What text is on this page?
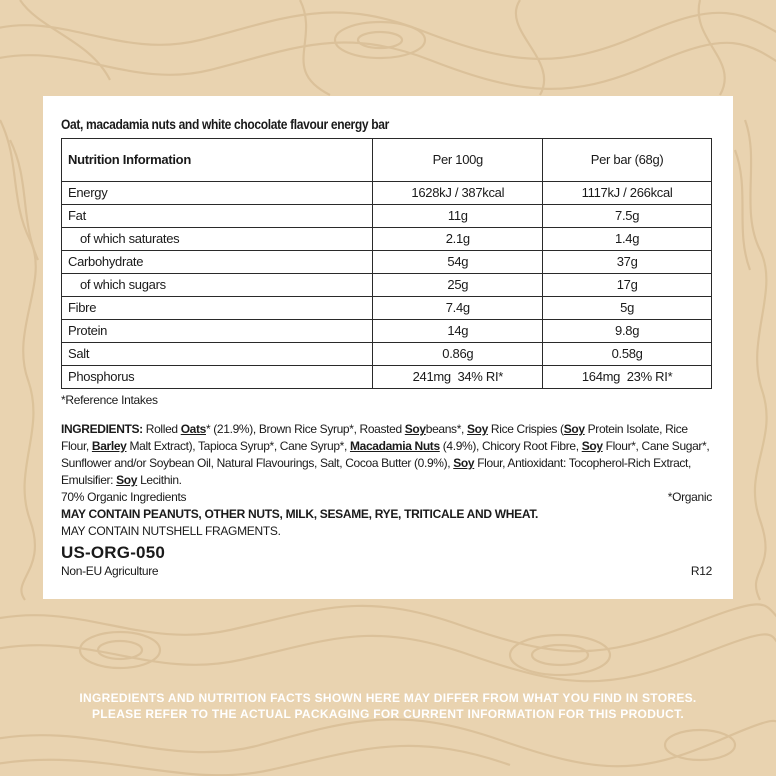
Oat, macadamia nuts and white chocolate flavour energy bar
Nutrition Information	Per 100g	Per bar (68g)
Energy	1628kJ / 387kcal	1117kJ / 266kcal
Fat	11g	7.5g
of which saturates	2.1g	1.4g
Carbohydrate	54g	37g
of which sugars	25g	17g
Fibre	7.4g	5g
Protein	14g	9.8g
Salt	0.86g	0.58g
Phosphorus	241mg  34% RI*	164mg  23% RI*
*Reference Intakes
INGREDIENTS: Rolled Oats* (21.9%), Brown Rice Syrup*, Roasted Soybeans*, Soy Rice Crispies (Soy Protein Isolate, Rice Flour, Barley Malt Extract), Tapioca Syrup*, Cane Syrup*, Macadamia Nuts (4.9%), Chicory Root Fibre, Soy Flour*, Cane Sugar*, Sunflower and/or Soybean Oil, Natural Flavourings, Salt, Cocoa Butter (0.9%), Soy Flour, Antioxidant: Tocopherol-Rich Extract, Emulsifier: Soy Lecithin.
70% Organic Ingredients	*Organic
MAY CONTAIN PEANUTS, OTHER NUTS, MILK, SESAME, RYE, TRITICALE AND WHEAT.
MAY CONTAIN NUTSHELL FRAGMENTS.
US-ORG-050
Non-EU Agriculture	R12
INGREDIENTS AND NUTRITION FACTS SHOWN HERE MAY DIFFER FROM WHAT YOU FIND IN STORES.
PLEASE REFER TO THE ACTUAL PACKAGING FOR CURRENT INFORMATION FOR THIS PRODUCT.
